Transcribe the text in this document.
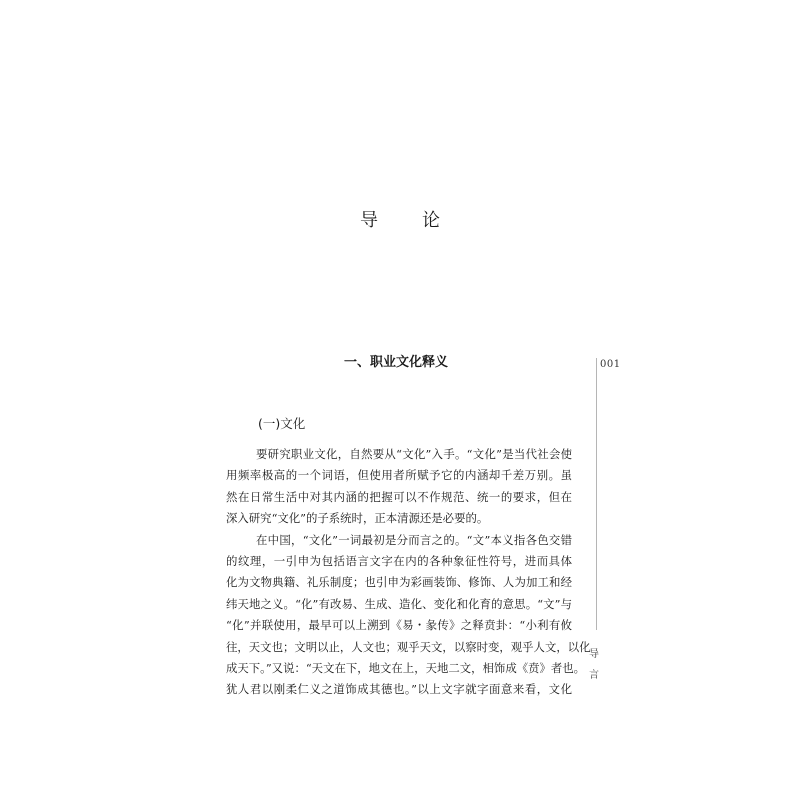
导 论
一、职业文化释义
(一)文化
要研究职业文化，自然要从“文化”入手。“文化”是当代社会使
用频率极高的一个词语，但使用者所赋予它的内涵却千差万别。虽
然在日常生活中对其内涵的把握可以不作规范、统一的要求，但在
深入研究“文化”的子系统时，正本清源还是必要的。
在中国，“文化”一词最初是分而言之的。“文”本义指各色交错
的纹理，一引申为包括语言文字在内的各种象征性符号，进而具体
化为文物典籍、礼乐制度；也引申为彩画装饰、修饰、人为加工和经
纬天地之义。“化”有改易、生成、造化、变化和化育的意思。“文”与
“化”并联使用，最早可以上溯到《易・彖传》之释贲卦：“小利有攸
往，天文也；文明以止，人文也；观乎天文，以察时变，观乎人文，以化
成天下。”又说：“天文在下，地文在上，天地二文，相饰成《贲》者也。
犹人君以刚柔仁义之道饰成其德也。”以上文字就字面意来看，文化
001
导
言
